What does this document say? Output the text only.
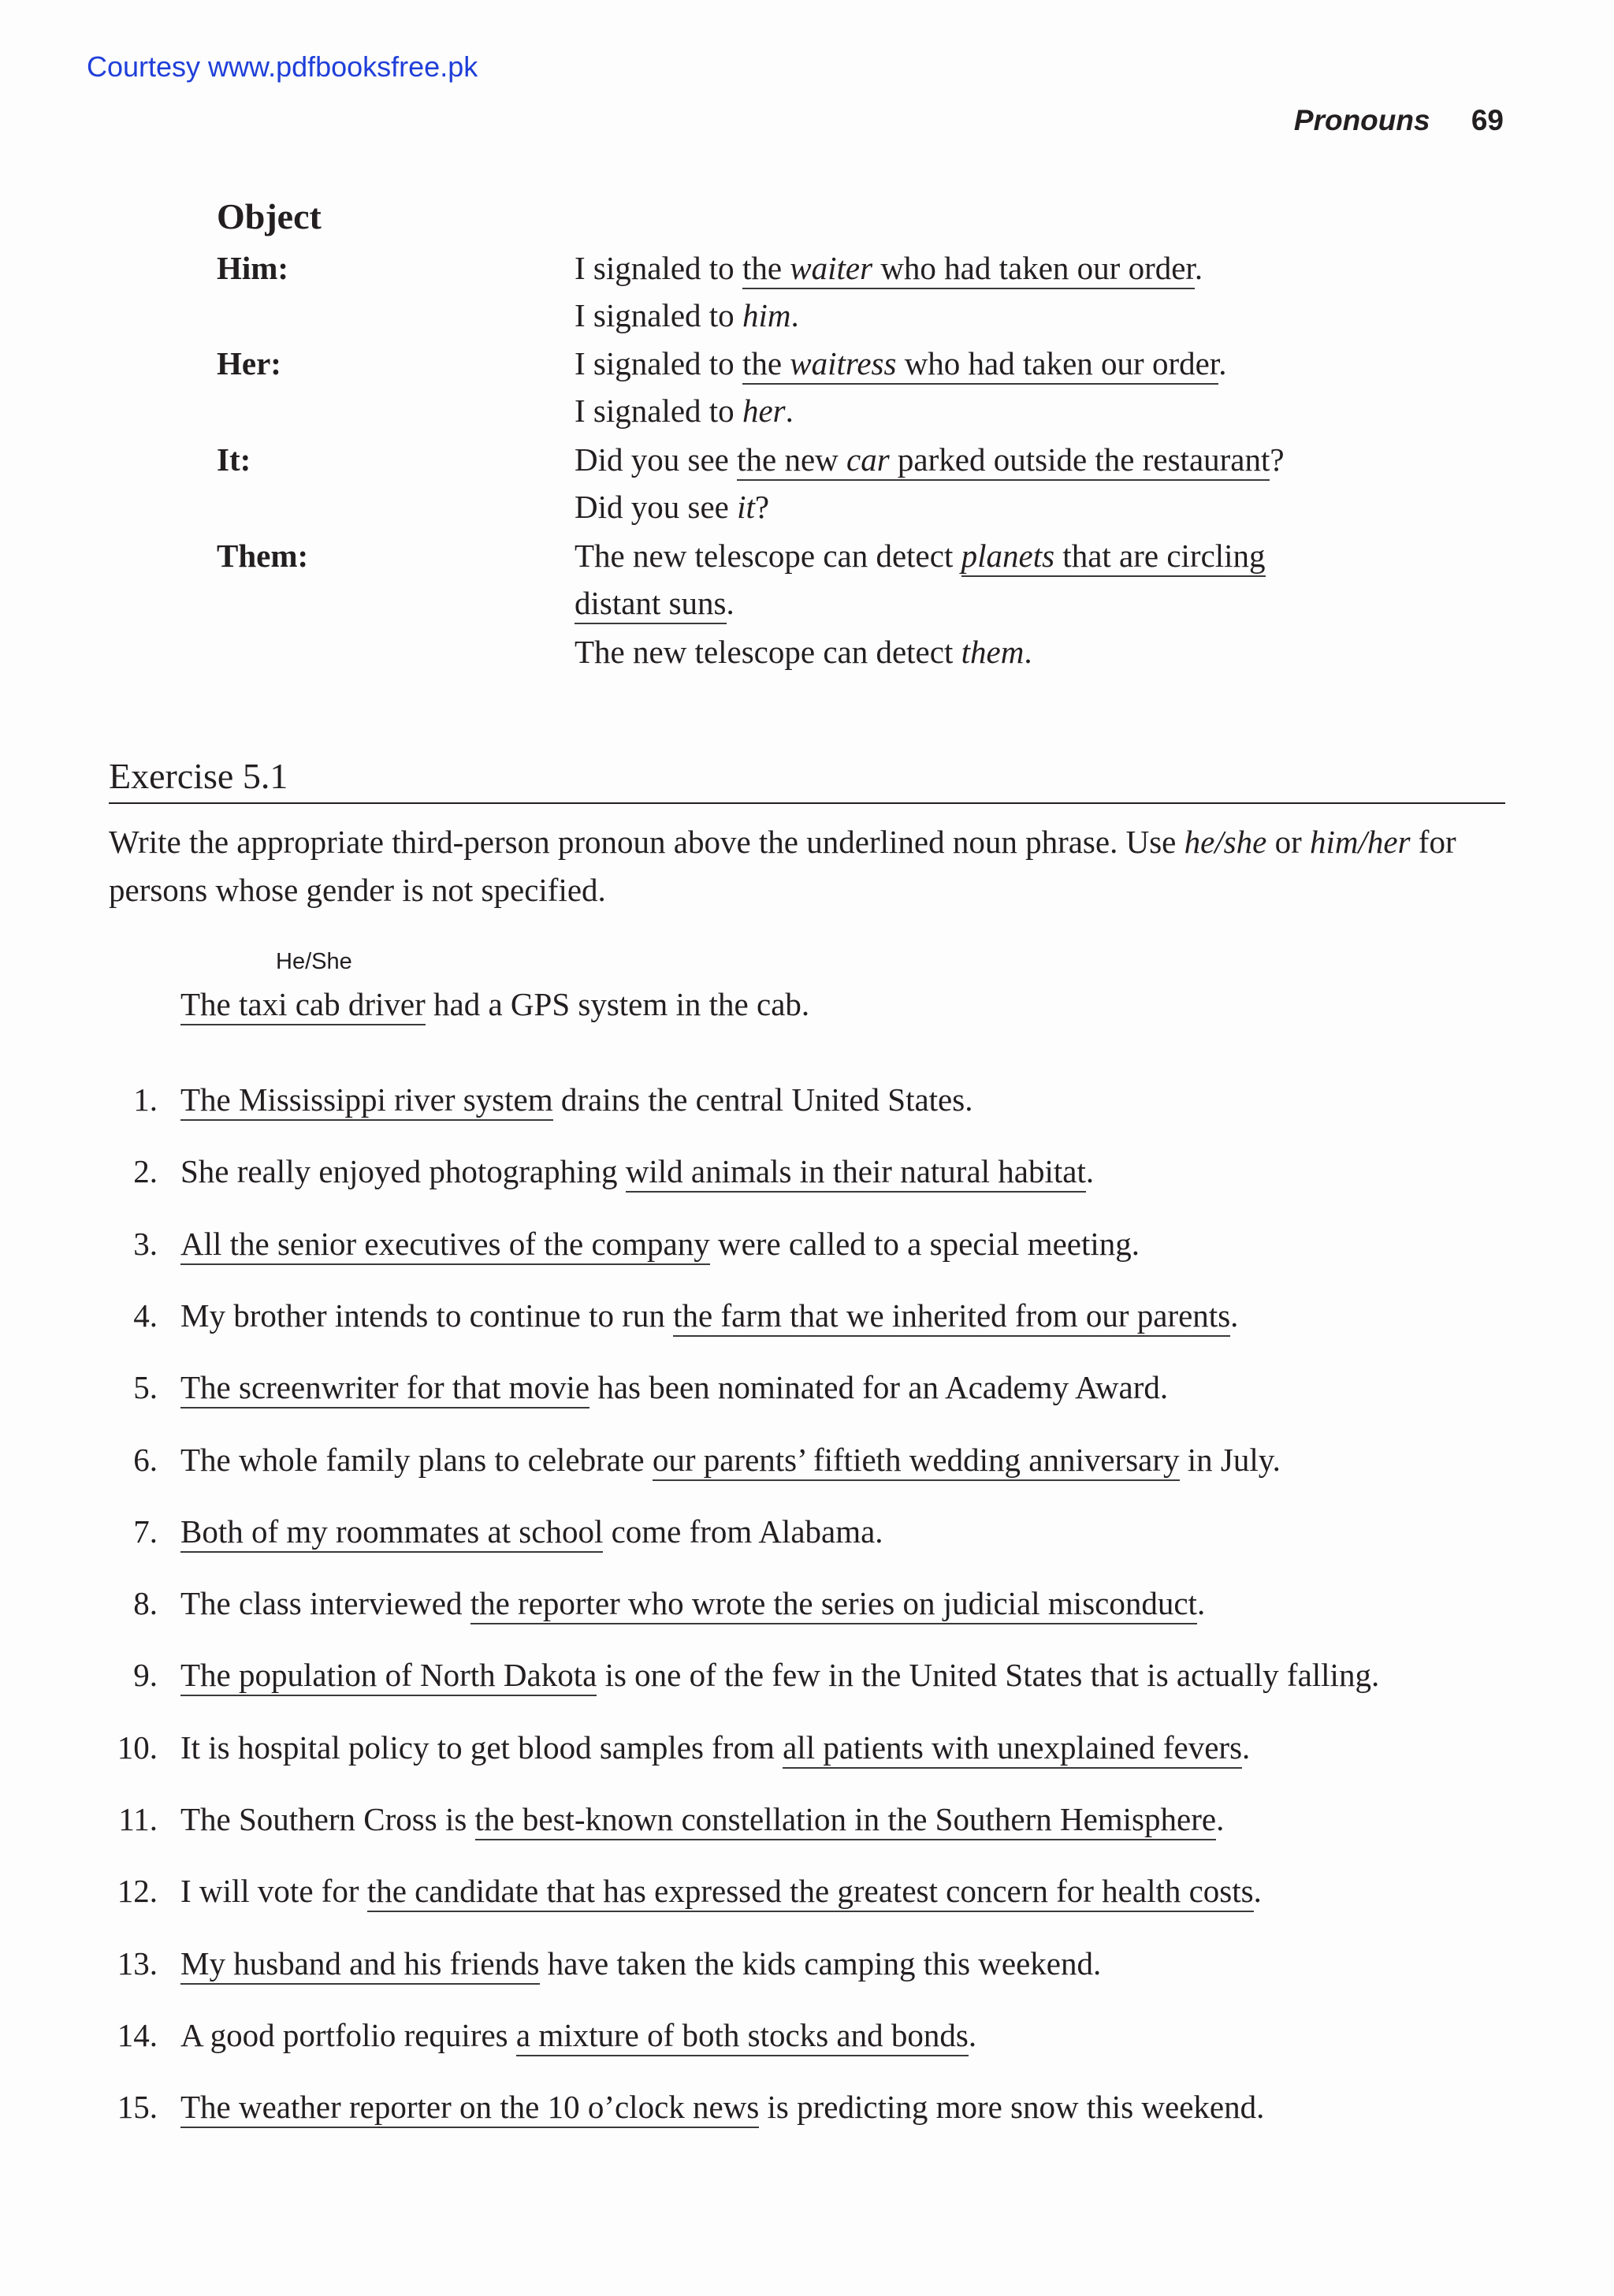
Courtesy www.pdfbooksfree.pk
Pronouns 69
Object
Him:	I signaled to the waiter who had taken our order.
I signaled to him.
Her:	I signaled to the waitress who had taken our order.
I signaled to her.
It:	Did you see the new car parked outside the restaurant?
Did you see it?
Them:	The new telescope can detect planets that are circling
distant suns.
The new telescope can detect them.
Exercise 5.1
Write the appropriate third-person pronoun above the underlined noun phrase. Use he/she or him/her for persons whose gender is not specified.
He/She
The taxi cab driver had a GPS system in the cab.
1. The Mississippi river system drains the central United States.
2. She really enjoyed photographing wild animals in their natural habitat.
3. All the senior executives of the company were called to a special meeting.
4. My brother intends to continue to run the farm that we inherited from our parents.
5. The screenwriter for that movie has been nominated for an Academy Award.
6. The whole family plans to celebrate our parents’ fiftieth wedding anniversary in July.
7. Both of my roommates at school come from Alabama.
8. The class interviewed the reporter who wrote the series on judicial misconduct.
9. The population of North Dakota is one of the few in the United States that is actually falling.
10. It is hospital policy to get blood samples from all patients with unexplained fevers.
11. The Southern Cross is the best-known constellation in the Southern Hemisphere.
12. I will vote for the candidate that has expressed the greatest concern for health costs.
13. My husband and his friends have taken the kids camping this weekend.
14. A good portfolio requires a mixture of both stocks and bonds.
15. The weather reporter on the 10 o’clock news is predicting more snow this weekend.
